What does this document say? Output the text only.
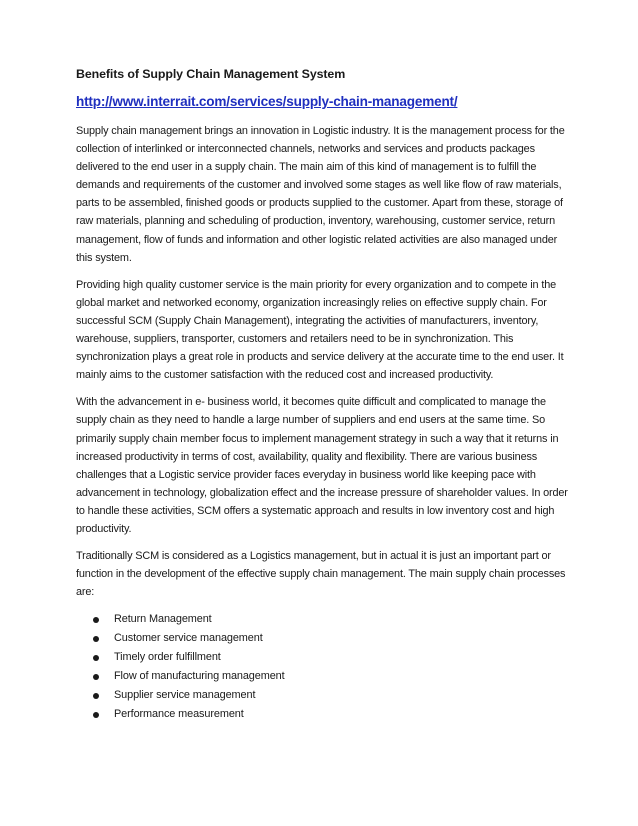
Benefits of Supply Chain Management System
http://www.interrait.com/services/supply-chain-management/

Supply chain management brings an innovation in Logistic industry. It is the management process for the collection of interlinked or interconnected channels, networks and services and products packages delivered to the end user in a supply chain. The main aim of this kind of management is to fulfill the demands and requirements of the customer and involved some stages as well like flow of raw materials, parts to be assembled, finished goods or products supplied to the customer. Apart from these, storage of raw materials, planning and scheduling of production, inventory, warehousing, customer service, return management, flow of funds and information and other logistic related activities are also managed under this system.

Providing high quality customer service is the main priority for every organization and to compete in the global market and networked economy, organization increasingly relies on effective supply chain. For successful SCM (Supply Chain Management), integrating the activities of manufacturers, inventory, warehouse, suppliers, transporter, customers and retailers need to be in synchronization. This synchronization plays a great role in products and service delivery at the accurate time to the end user. It mainly aims to the customer satisfaction with the reduced cost and increased productivity.

With the advancement in e- business world, it becomes quite difficult and complicated to manage the supply chain as they need to handle a large number of suppliers and end users at the same time. So primarily supply chain member focus to implement management strategy in such a way that it returns in increased productivity in terms of cost, availability, quality and flexibility. There are various business challenges that a Logistic service provider faces everyday in business world like keeping pace with advancement in technology, globalization effect and the increase pressure of shareholder values. In order to handle these activities, SCM offers a systematic approach and results in low inventory cost and high productivity.

Traditionally SCM is considered as a Logistics management, but in actual it is just an important part or function in the development of the effective supply chain management. The main supply chain processes are:

Return Management
Customer service management
Timely order fulfillment
Flow of manufacturing management
Supplier service management
Performance measurement
